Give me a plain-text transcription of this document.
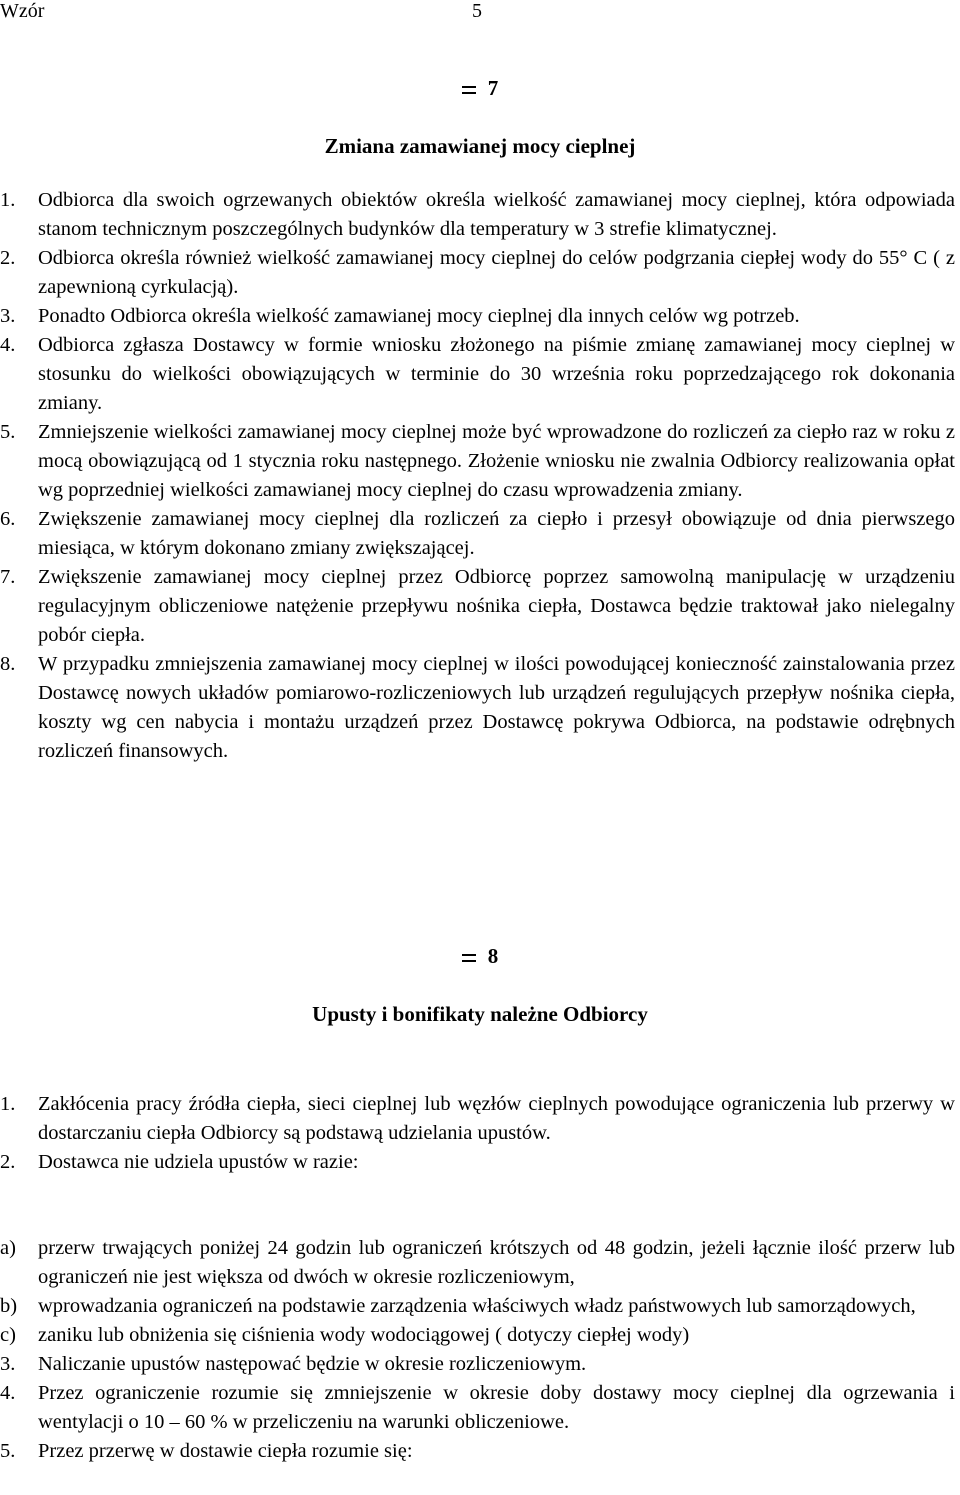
Wzór	5
7
Zmiana zamawianej mocy cieplnej
1. Odbiorca dla swoich ogrzewanych obiektów określa wielkość zamawianej mocy cieplnej, która odpowiada stanom technicznym poszczególnych budynków dla temperatury w 3 strefie klimatycznej.
2. Odbiorca określa również wielkość zamawianej mocy cieplnej do celów podgrzania ciepłej wody do 55° C ( z zapewnioną cyrkulacją).
3. Ponadto Odbiorca określa wielkość zamawianej mocy cieplnej dla innych celów wg potrzeb.
4. Odbiorca zgłasza Dostawcy w formie wniosku złożonego na piśmie zmianę zamawianej mocy cieplnej w stosunku do wielkości obowiązujących w terminie do 30 września roku poprzedzającego rok dokonania zmiany.
5. Zmniejszenie wielkości zamawianej mocy cieplnej może być wprowadzone do rozliczeń za ciepło raz w roku z mocą obowiązującą od 1 stycznia roku następnego. Złożenie wniosku nie zwalnia Odbiorcy realizowania opłat wg poprzedniej wielkości zamawianej mocy cieplnej do czasu wprowadzenia zmiany.
6. Zwiększenie zamawianej mocy cieplnej dla rozliczeń za ciepło i przesył obowiązuje od dnia pierwszego miesiąca, w którym dokonano zmiany zwiększającej.
7. Zwiększenie zamawianej mocy cieplnej przez Odbiorcę poprzez samowolną manipulację w urządzeniu regulacyjnym obliczeniowe natężenie przepływu nośnika ciepła, Dostawca będzie traktował jako nielegalny pobór ciepła.
8. W przypadku zmniejszenia zamawianej mocy cieplnej w ilości powodującej konieczność zainstalowania przez Dostawcę nowych układów pomiarowo-rozliczeniowych lub urządzeń regulujących przepływ nośnika ciepła, koszty wg cen nabycia i montażu urządzeń przez Dostawcę pokrywa Odbiorca, na podstawie odrębnych rozliczeń finansowych.
8
Upusty i bonifikaty należne Odbiorcy
1. Zakłócenia pracy źródła ciepła, sieci cieplnej lub węzłów cieplnych powodujące ograniczenia lub przerwy w dostarczaniu ciepła Odbiorcy są podstawą udzielania upustów.
2. Dostawca nie udziela upustów w razie:
a) przerw trwających poniżej 24 godzin lub ograniczeń krótszych od 48 godzin, jeżeli łącznie ilość przerw lub ograniczeń nie jest większa od dwóch w okresie rozliczeniowym,
b) wprowadzania ograniczeń na podstawie zarządzenia właściwych władz państwowych lub samorządowych,
c) zaniku lub obniżenia się ciśnienia wody wodociągowej ( dotyczy ciepłej wody)
3. Naliczanie upustów następować będzie w okresie rozliczeniowym.
4. Przez ograniczenie rozumie się zmniejszenie w okresie doby dostawy mocy cieplnej dla ogrzewania i wentylacji o 10 – 60 % w przeliczeniu na warunki obliczeniowe.
5. Przez przerwę w dostawie ciepła rozumie się:
